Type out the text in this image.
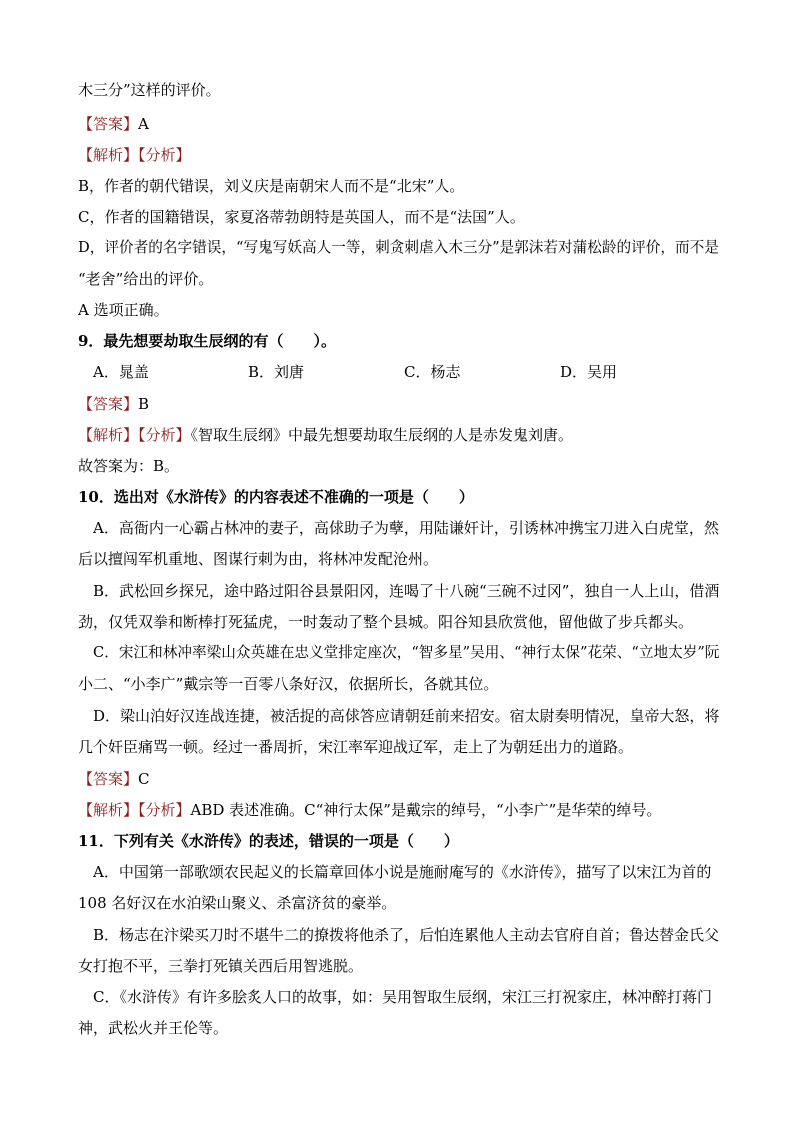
木三分”这样的评价。
【答案】A
【解析】【分析】
B，作者的朝代错误，刘义庆是南朝宋人而不是“北宋”人。
C，作者的国籍错误，家夏洛蒂勃朗特是英国人，而不是“法国”人。
D，评价者的名字错误，“写鬼写妖高人一等，刺贪刺虐入木三分”是郭沫若对蒲松龄的评价，而不是
“老舍”给出的评价。
A 选项正确。
9．最先想要劫取生辰纲的有（　　）。
A．晁盖	B．刘唐	C．杨志	D．吴用
【答案】B
【解析】【分析】《智取生辰纲》中最先想要劫取生辰纲的人是赤发鬼刘唐。
故答案为：B。
10．选出对《水浒传》的内容表述不准确的一项是（　　）
A．高衙内一心霸占林冲的妻子，高俅助子为孽，用陆谦奸计，引诱林冲携宝刀进入白虎堂，然
后以擅闯军机重地、图谋行刺为由，将林冲发配沧州。
B．武松回乡探兄，途中路过阳谷县景阳冈，连喝了十八碗“三碗不过冈”，独自一人上山，借酒
劲，仅凭双拳和断棒打死猛虎，一时轰动了整个县城。阳谷知县欣赏他，留他做了步兵都头。
C．宋江和林冲率梁山众英雄在忠义堂排定座次，“智多星”吴用、“神行太保”花荣、“立地太岁”阮
小二、“小李广”戴宗等一百零八条好汉，依据所长，各就其位。
D．梁山泊好汉连战连捷，被活捉的高俅答应请朝廷前来招安。宿太尉奏明情况，皇帝大怒，将
几个奸臣痛骂一顿。经过一番周折，宋江率军迎战辽军，走上了为朝廷出力的道路。
【答案】C
【解析】【分析】ABD 表述准确。C“神行太保”是戴宗的绰号，“小李广”是华荣的绰号。
11．下列有关《水浒传》的表述，错误的一项是（　　）
A．中国第一部歌颂农民起义的长篇章回体小说是施耐庵写的《水浒传》，描写了以宋江为首的
108 名好汉在水泊梁山聚义、杀富济贫的豪举。
B．杨志在汴梁买刀时不堪牛二的撩拨将他杀了，后怕连累他人主动去官府自首；鲁达替金氏父
女打抱不平，三拳打死镇关西后用智逃脱。
C．《水浒传》有许多脍炙人口的故事，如：吴用智取生辰纲，宋江三打祝家庄，林冲醉打蒋门
神，武松火并王伦等。
